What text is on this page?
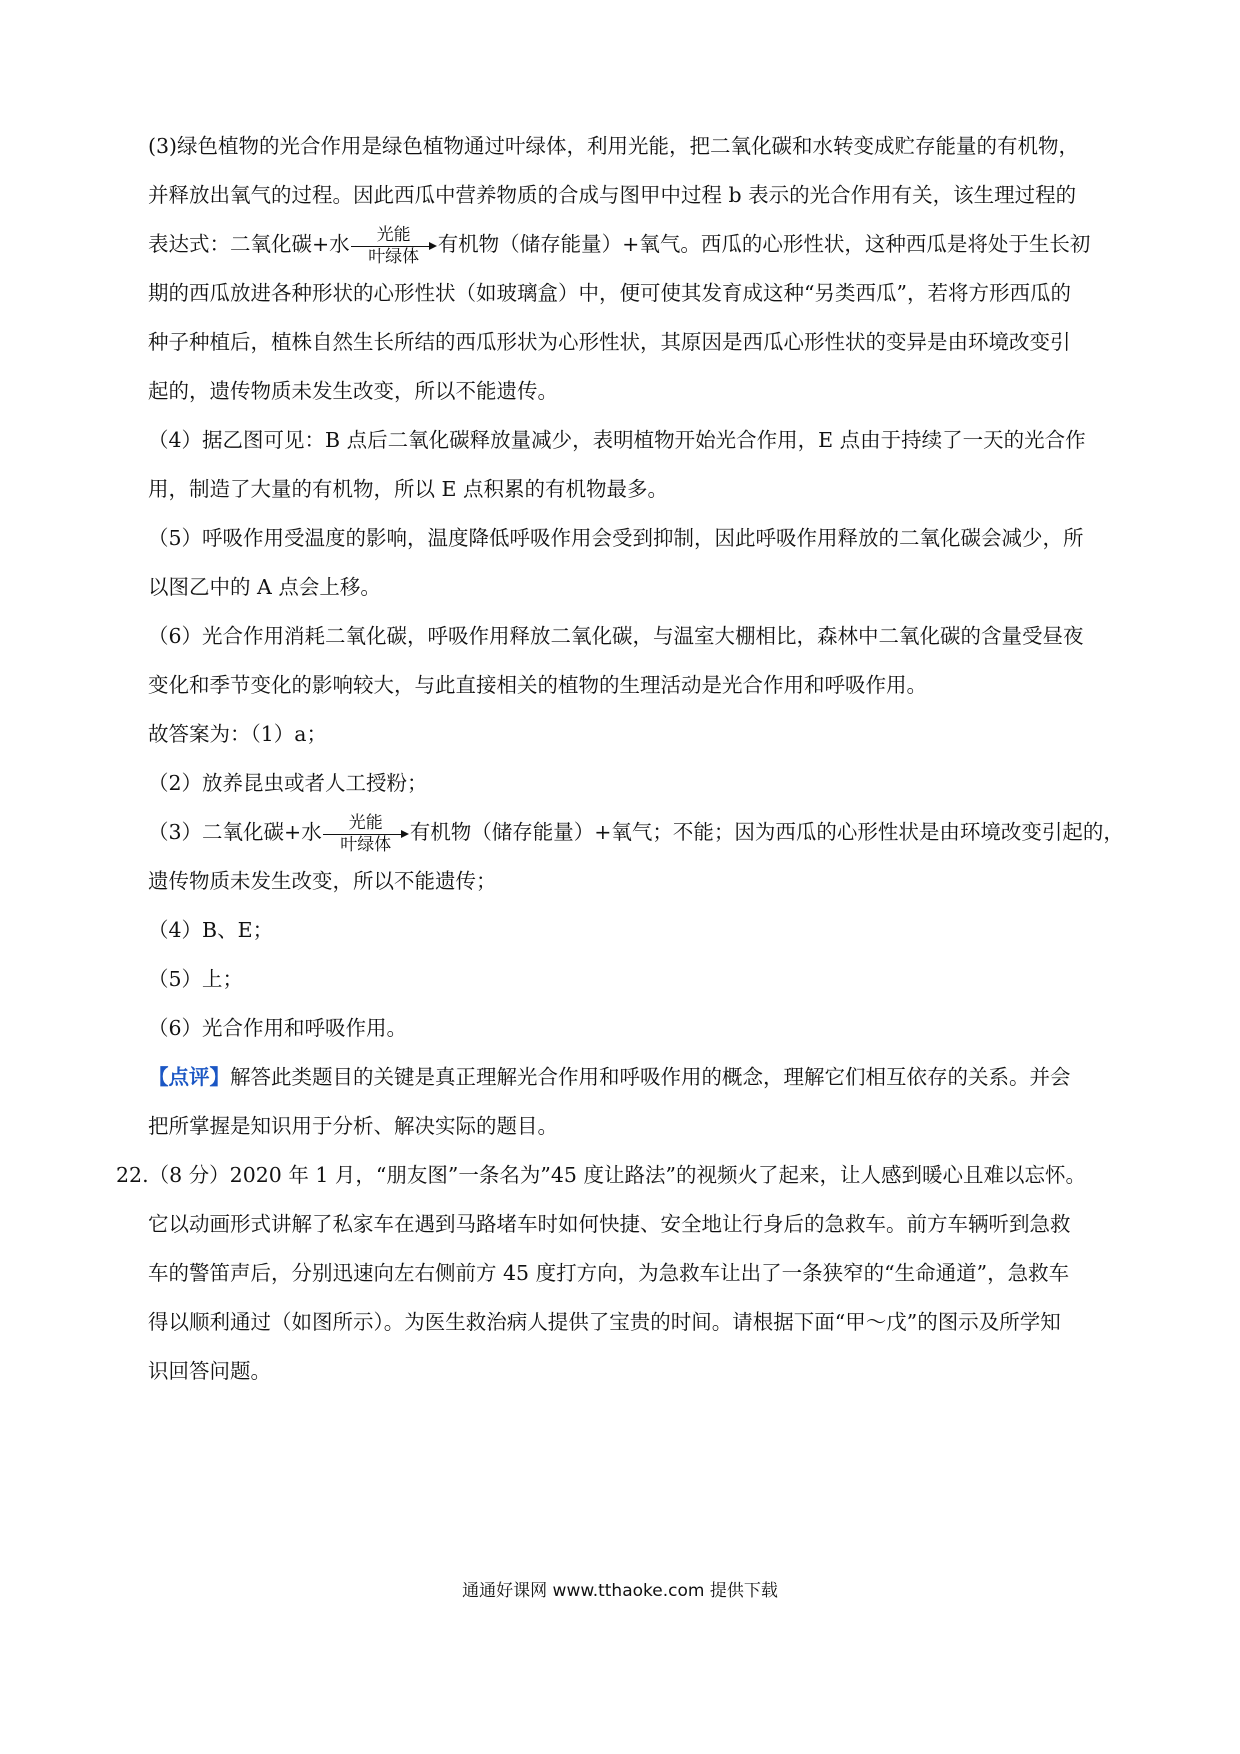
(3)绿色植物的光合作用是绿色植物通过叶绿体，利用光能，把二氧化碳和水转变成贮存能量的有机物，
并释放出氧气的过程。因此西瓜中营养物质的合成与图甲中过程 b 表示的光合作用有关，该生理过程的
表达式：二氧化碳+水	光能
叶绿体
有机物（储存能量）+氧气。西瓜的心形性状，这种西瓜是将处于生长初
期的西瓜放进各种形状的心形性状（如玻璃盒）中，便可使其发育成这种“另类西瓜”，若将方形西瓜的
种子种植后，植株自然生长所结的西瓜形状为心形性状，其原因是西瓜心形性状的变异是由环境改变引
起的，遗传物质未发生改变，所以不能遗传。
（4）据乙图可见：B 点后二氧化碳释放量减少，表明植物开始光合作用，E 点由于持续了一天的光合作
用，制造了大量的有机物，所以 E 点积累的有机物最多。
（5）呼吸作用受温度的影响，温度降低呼吸作用会受到抑制，因此呼吸作用释放的二氧化碳会减少，所
以图乙中的 A 点会上移。
（6）光合作用消耗二氧化碳，呼吸作用释放二氧化碳，与温室大棚相比，森林中二氧化碳的含量受昼夜
变化和季节变化的影响较大，与此直接相关的植物的生理活动是光合作用和呼吸作用。
故答案为：（1）a；
（2）放养昆虫或者人工授粉；
（3）二氧化碳+水	光能
叶绿体
有机物（储存能量）+氧气；不能；因为西瓜的心形性状是由环境改变引起的，
遗传物质未发生改变，所以不能遗传；
（4）B、E；
（5）上；
（6）光合作用和呼吸作用。
【点评】解答此类题目的关键是真正理解光合作用和呼吸作用的概念，理解它们相互依存的关系。并会
把所掌握是知识用于分析、解决实际的题目。
22.（8 分）2020 年 1 月，“朋友图”一条名为”45 度让路法”的视频火了起来，让人感到暖心且难以忘怀。
它以动画形式讲解了私家车在遇到马路堵车时如何快捷、安全地让行身后的急救车。前方车辆听到急救
车的警笛声后，分别迅速向左右侧前方 45 度打方向，为急救车让出了一条狭窄的“生命通道”，急救车
得以顺利通过（如图所示）。为医生救治病人提供了宝贵的时间。请根据下面“甲～戊”的图示及所学知
识回答问题。
通通好课网 www.tthaoke.com 提供下载
